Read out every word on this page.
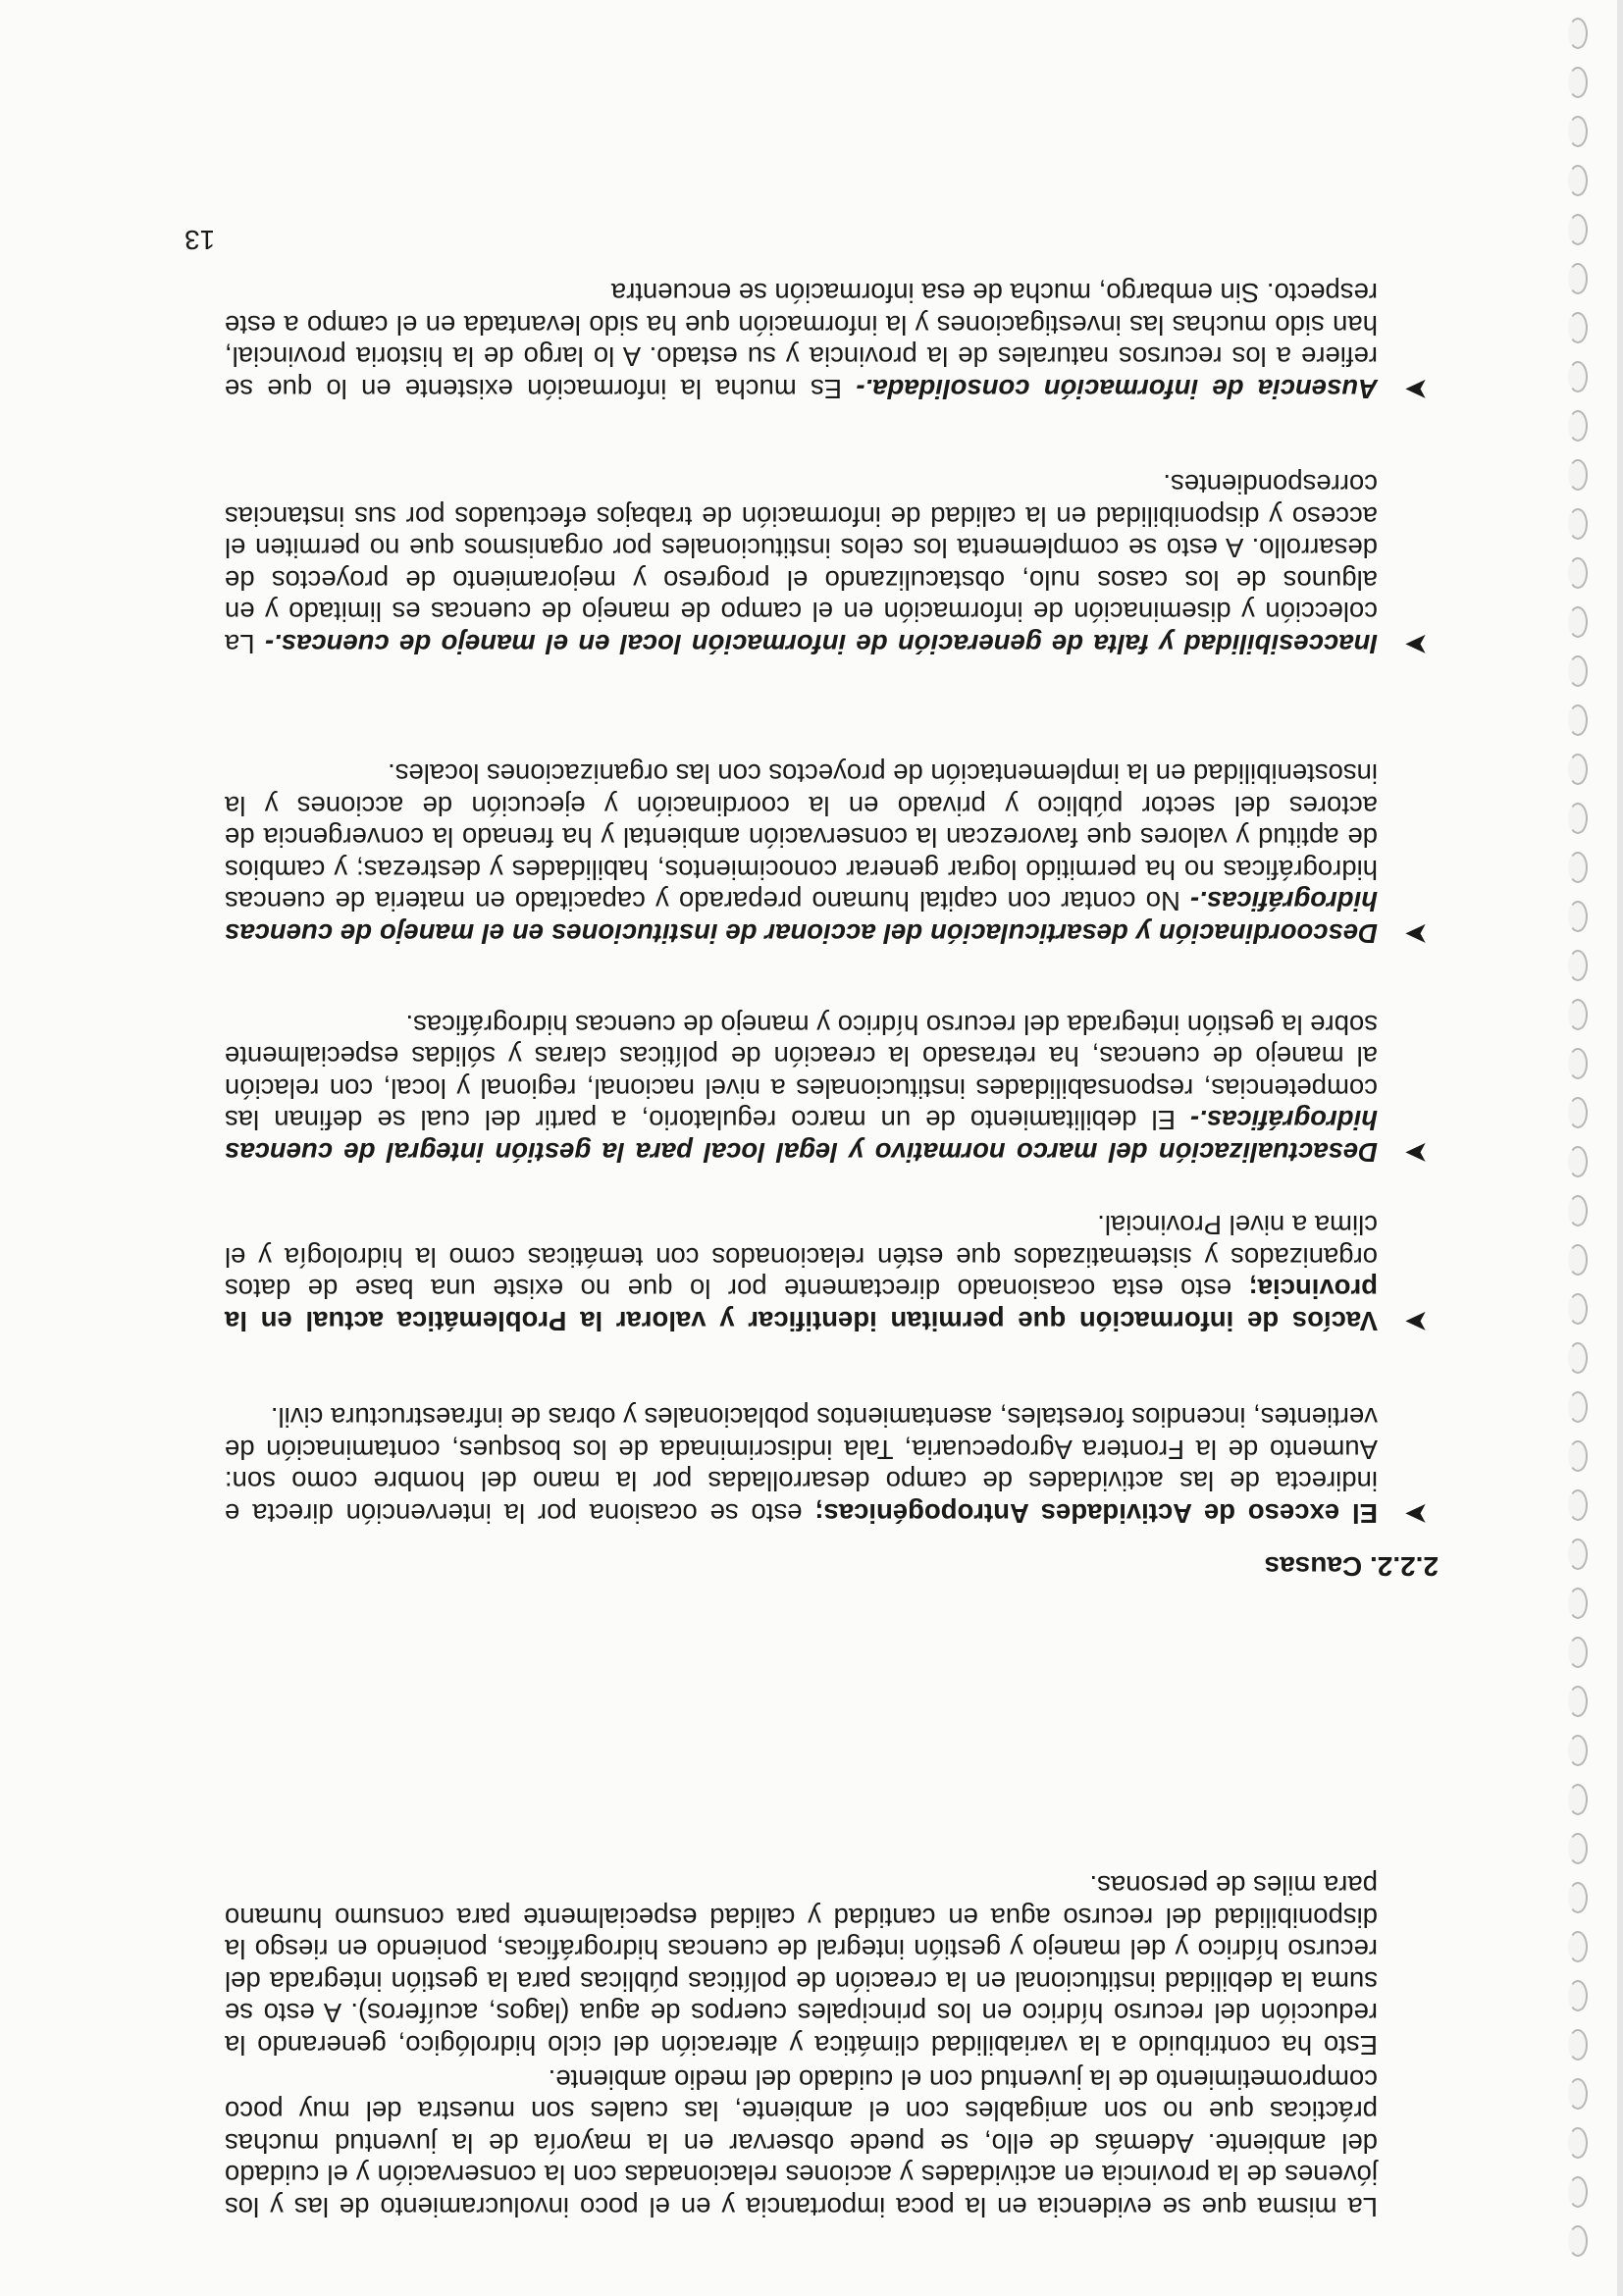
La misma que se evidencia en la poca importancia y en el poco involucramiento de las y los jóvenes de la provincia en actividades y acciones relacionadas con la conservación y el cuidado del ambiente. Además de ello, se puede observar en la mayoría de la juventud muchas prácticas que no son amigables con el ambiente, las cuales son muestra del muy poco comprometimiento de la juventud con el cuidado del medio ambiente.
Esto ha contribuido a la variabilidad climática y alteración del ciclo hidrológico, generando la reducción del recurso hídrico en los principales cuerpos de agua (lagos, acuíferos). A esto se suma la debilidad institucional en la creación de políticas públicas para la gestión integrada del recurso hídrico y del manejo y gestión integral de cuencas hidrográficas, poniendo en riesgo la disponibilidad del recurso agua en cantidad y calidad especialmente para consumo humano para miles de personas.
2.2.2. Causas
➤
El exceso de Actividades Antropogénicas; esto se ocasiona por la intervención directa e indirecta de las actividades de campo desarrolladas por la mano del hombre como son: Aumento de la Frontera Agropecuaria, Tala indiscriminada de los bosques, contaminación de vertientes, incendios forestales, asentamientos poblacionales y obras de infraestructura civil.
➤
Vacíos de información que permitan identificar y valorar la Problemática actual en la provincia; esto esta ocasionado directamente por lo que no existe una base de datos organizados y sistematizados que estén relacionados con temáticas como la hidrología y el clima a nivel Provincial.
➤
Desactualización del marco normativo y legal local para la gestión integral de cuencas hidrográficas.- El debilitamiento de un marco regulatorio, a partir del cual se definan las competencias, responsabilidades institucionales a nivel nacional, regional y local, con relación al manejo de cuencas, ha retrasado la creación de políticas claras y sólidas especialmente sobre la gestión integrada del recurso hídrico y manejo de cuencas hidrográficas.
➤
Descoordinación y desarticulación del accionar de instituciones en el manejo de cuencas hidrográficas.- No contar con capital humano preparado y capacitado en materia de cuencas hidrográficas no ha permitido lograr generar conocimientos, habilidades y destrezas; y cambios de aptitud y valores que favorezcan la conservación ambiental y ha frenado la convergencia de actores del sector público y privado en la coordinación y ejecución de acciones y la insostenibilidad en la implementación de proyectos con las organizaciones locales.
➤
Inaccesibilidad y falta de generación de información local en el manejo de cuencas.- La colección y diseminación de información en el campo de manejo de cuencas es limitado y en algunos de los casos nulo, obstaculizando el progreso y mejoramiento de proyectos de desarrollo. A esto se complementa los celos institucionales por organismos que no permiten el acceso y disponibilidad en la calidad de información de trabajos efectuados por sus instancias correspondientes.
➤
Ausencia de información consolidada.- Es mucha la información existente en lo que se refiere a los recursos naturales de la provincia y su estado. A lo largo de la historia provincial, han sido muchas las investigaciones y la información que ha sido levantada en el campo a este respecto. Sin embargo, mucha de esa información se encuentra
13
